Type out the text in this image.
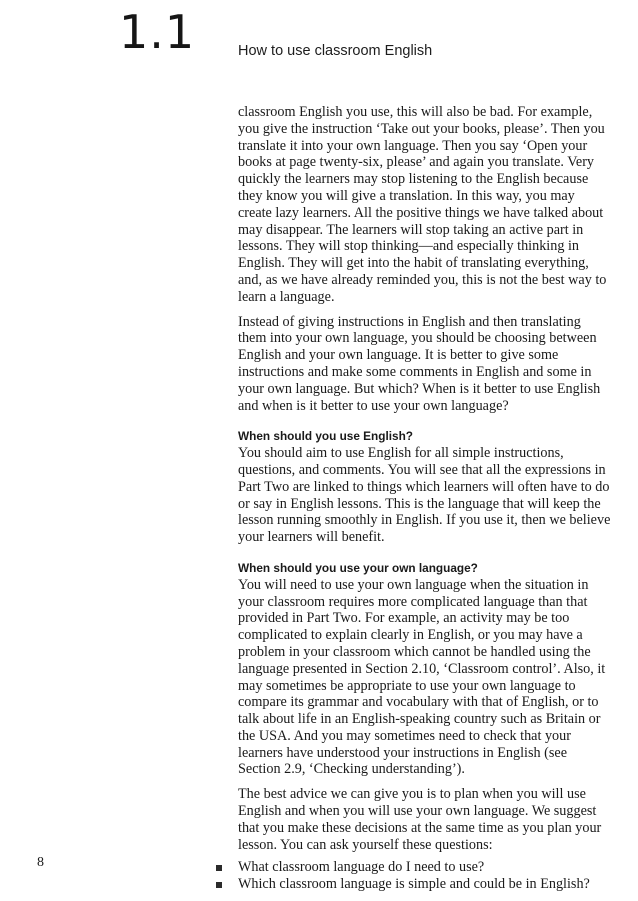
1.1	How to use classroom English

classroom English you use, this will also be bad. For example, you give the instruction ‘Take out your books, please’. Then you translate it into your own language. Then you say ‘Open your books at page twenty-six, please’ and again you translate. Very quickly the learners may stop listening to the English because they know you will give a translation. In this way, you may create lazy learners. All the positive things we have talked about may disappear. The learners will stop taking an active part in lessons. They will stop thinking—and especially thinking in English. They will get into the habit of translating everything, and, as we have already reminded you, this is not the best way to learn a language.

Instead of giving instructions in English and then translating them into your own language, you should be choosing between English and your own language. It is better to give some instructions and make some comments in English and some in your own language. But which? When is it better to use English and when is it better to use your own language?

When should you use English?

You should aim to use English for all simple instructions, questions, and comments. You will see that all the expressions in Part Two are linked to things which learners will often have to do or say in English lessons. This is the language that will keep the lesson running smoothly in English. If you use it, then we believe your learners will benefit.

When should you use your own language?

You will need to use your own language when the situation in your classroom requires more complicated language than that provided in Part Two. For example, an activity may be too complicated to explain clearly in English, or you may have a problem in your classroom which cannot be handled using the language presented in Section 2.10, ‘Classroom control’. Also, it may sometimes be appropriate to use your own language to compare its grammar and vocabulary with that of English, or to talk about life in an English-speaking country such as Britain or the USA. And you may sometimes need to check that your learners have understood your instructions in English (see Section 2.9, ‘Checking understanding’).

The best advice we can give you is to plan when you will use English and when you will use your own language. We suggest that you make these decisions at the same time as you plan your lesson. You can ask yourself these questions:

What classroom language do I need to use?
Which classroom language is simple and could be in English?
8
